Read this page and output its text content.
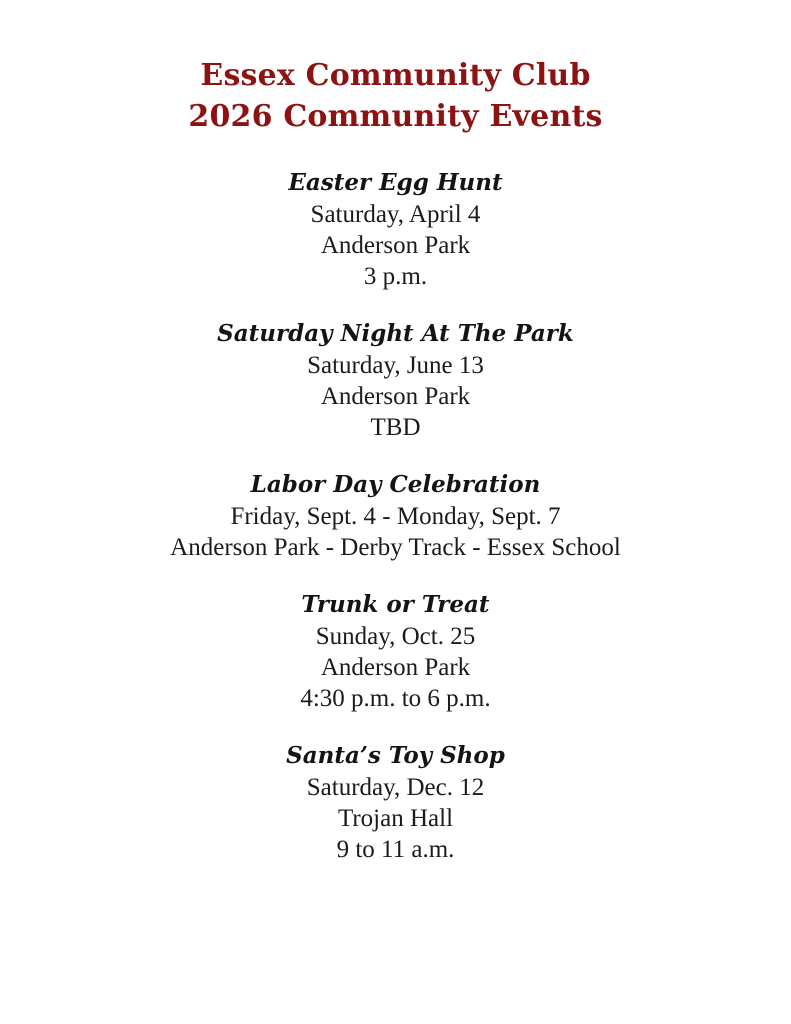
Essex Community Club
2026 Community Events
Easter Egg Hunt
Saturday, April 4
Anderson Park
3 p.m.
Saturday Night At The Park
Saturday, June 13
Anderson Park
TBD
Labor Day Celebration
Friday, Sept. 4 - Monday, Sept. 7
Anderson Park - Derby Track - Essex School
Trunk or Treat
Sunday, Oct. 25
Anderson Park
4:30 p.m. to 6 p.m.
Santa’s Toy Shop
Saturday, Dec. 12
Trojan Hall
9 to 11 a.m.
